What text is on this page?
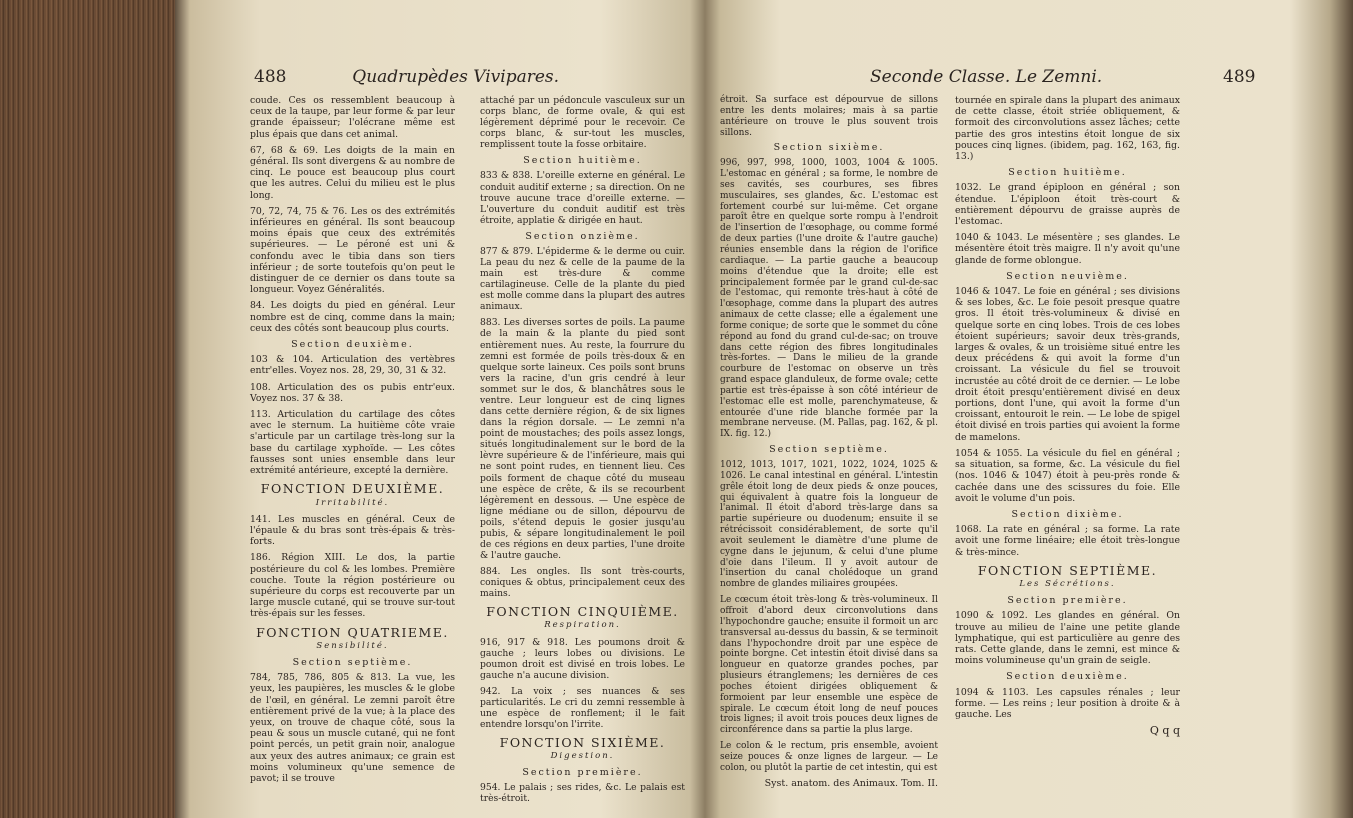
488	Quadrupèdes Vivipares.

coude. Ces os ressemblent beaucoup à ceux de la taupe, par leur forme & par leur grande épaisseur; l'olécrane même est plus épais que dans cet animal.

67, 68 & 69. Les doigts de la main en général. Ils sont divergens & au nombre de cinq. Le pouce est beaucoup plus court que les autres. Celui du milieu est le plus long.

70, 72, 74, 75 & 76. Les os des extrémités inférieures en général. Ils sont beaucoup moins épais que ceux des extrémités supérieures. — Le péroné est uni & confondu avec le tibia dans son tiers inférieur ; de sorte toutefois qu'on peut le distinguer de ce dernier os dans toute sa longueur. Voyez Généralités.

84. Les doigts du pied en général. Leur nombre est de cinq, comme dans la main; ceux des côtés sont beaucoup plus courts.

Section deuxième.

103 & 104. Articulation des vertèbres entr'elles. Voyez nos. 28, 29, 30, 31 & 32.

108. Articulation des os pubis entr'eux. Voyez nos. 37 & 38.

113. Articulation du cartilage des côtes avec le sternum. La huitième côte vraie s'articule par un cartilage très-long sur la base du cartilage xyphoïde. — Les côtes fausses sont unies ensemble dans leur extrémité antérieure, excepté la dernière.

FONCTION DEUXIÈME.
Irritabilité.

141. Les muscles en général. Ceux de l'épaule & du bras sont très-épais & très-forts.

186. Région XIII. Le dos, la partie postérieure du col & les lombes. Première couche. Toute la région postérieure ou supérieure du corps est recouverte par un large muscle cutané, qui se trouve sur-tout très-épais sur les fesses.

FONCTION QUATRIEME.
Sensibilité.
Section septième.

784, 785, 786, 805 & 813. La vue, les yeux, les paupières, les muscles & le globe de l'œil, en général. Le zemni paroît être entièrement privé de la vue; à la place des yeux, on trouve de chaque côté, sous la peau & sous un muscle cutané, qui ne font point percés, un petit grain noir, analogue aux yeux des autres animaux; ce grain est moins volumineux qu'une semence de pavot; il se trouve

attaché par un pédoncule vasculeux sur un corps blanc, de forme ovale, & qui est légèrement déprimé pour le recevoir. Ce corps blanc, & sur-tout les muscles, remplissent toute la fosse orbitaire.

Section huitième.

833 & 838. L'oreille externe en général. Le conduit auditif externe ; sa direction. On ne trouve aucune trace d'oreille externe. — L'ouverture du conduit auditif est très étroite, applatie & dirigée en haut.

Section onzième.

877 & 879. L'épiderme & le derme ou cuir. La peau du nez & celle de la paume de la main est très-dure & comme cartilagineuse. Celle de la plante du pied est molle comme dans la plupart des autres animaux.

883. Les diverses sortes de poils. La paume de la main & la plante du pied sont entièrement nues. Au reste, la fourrure du zemni est formée de poils très-doux & en quelque sorte laineux. Ces poils sont bruns vers la racine, d'un gris cendré à leur sommet sur le dos, & blanchâtres sous le ventre. Leur longueur est de cinq lignes dans cette dernière région, & de six lignes dans la région dorsale. — Le zemni n'a point de moustaches; des poils assez longs, situés longitudinalement sur le bord de la lèvre supérieure & de l'inférieure, mais qui ne sont point rudes, en tiennent lieu. Ces poils forment de chaque côté du museau une espèce de crête, & ils se recourbent légèrement en dessous. — Une espèce de ligne médiane ou de sillon, dépourvu de poils, s'étend depuis le gosier jusqu'au pubis, & sépare longitudinalement le poil de ces régions en deux parties, l'une droite & l'autre gauche.

884. Les ongles. Ils sont très-courts, coniques & obtus, principalement ceux des mains.

FONCTION CINQUIÈME.
Respiration.

916, 917 & 918. Les poumons droit & gauche ; leurs lobes ou divisions. Le poumon droit est divisé en trois lobes. Le gauche n'a aucune division.

942. La voix ; ses nuances & ses particularités. Le cri du zemni ressemble à une espèce de ronflement; il le fait entendre lorsqu'on l'irrite.

FONCTION SIXIÈME.
Digestion.
Section première.

954. Le palais ; ses rides, &c. Le palais est très-étroit.

Seconde Classe. Le Zemni.	489

étroit. Sa surface est dépourvue de sillons entre les dents molaires; mais à sa partie antérieure on trouve le plus souvent trois sillons.

Section sixième.

996, 997, 998, 1000, 1003, 1004 & 1005. L'estomac en général ; sa forme, le nombre de ses cavités, ses courbures, ses fibres musculaires, ses glandes, &c. L'estomac est fortement courbé sur lui-même. Cet organe paroît être en quelque sorte rompu à l'endroit de l'insertion de l'œsophage, ou comme formé de deux parties (l'une droite & l'autre gauche) réunies ensemble dans la région de l'orifice cardiaque. — La partie gauche a beaucoup moins d'étendue que la droite; elle est principalement formée par le grand cul-de-sac de l'estomac, qui remonte très-haut à côté de l'œsophage, comme dans la plupart des autres animaux de cette classe; elle a également une forme conique; de sorte que le sommet du cône répond au fond du grand cul-de-sac; on trouve dans cette région des fibres longitudinales très-fortes. — Dans le milieu de la grande courbure de l'estomac on observe un très grand espace glanduleux, de forme ovale; cette partie est très-épaisse à son côté intérieur de l'estomac elle est molle, parenchymateuse, & entourée d'une ride blanche formée par la membrane nerveuse. (M. Pallas, pag. 162, & pl. IX. fig. 12.)

Section septième.

1012, 1013, 1017, 1021, 1022, 1024, 1025 & 1026. Le canal intestinal en général. L'intestin grêle étoit long de deux pieds & onze pouces, qui équivalent à quatre fois la longueur de l'animal. Il étoit d'abord très-large dans sa partie supérieure ou duodenum; ensuite il se rétrécissoit considérablement, de sorte qu'il avoit seulement le diamètre d'une plume de cygne dans le jejunum, & celui d'une plume d'oie dans l'ileum. Il y avoit autour de l'insertion du canal cholédoque un grand nombre de glandes miliaires groupées.

Le cœcum étoit très-long & très-volumineux. Il offroit d'abord deux circonvolutions dans l'hypochondre gauche; ensuite il formoit un arc transversal au-dessus du bassin, & se terminoit dans l'hypochondre droit par une espèce de pointe borgne. Cet intestin étoit divisé dans sa longueur en quatorze grandes poches, par plusieurs étranglemens; les dernières de ces poches étoient dirigées obliquement & formoient par leur ensemble une espèce de spirale. Le cœcum étoit long de neuf pouces trois lignes; il avoit trois pouces deux lignes de circonférence dans sa partie la plus large.

Le colon & le rectum, pris ensemble, avoient seize pouces & onze lignes de largeur. — Le colon, ou plutôt la partie de cet intestin, qui est

Syst. anatom. des Animaux. Tom. II.

tournée en spirale dans la plupart des animaux de cette classe, étoit striée obliquement, & formoit des circonvolutions assez lâches; cette partie des gros intestins étoit longue de six pouces cinq lignes. (ibidem, pag. 162, 163, fig. 13.)

Section huitième.

1032. Le grand épiploon en général ; son étendue. L'épiploon étoit très-court & entièrement dépourvu de graisse auprès de l'estomac.

1040 & 1043. Le mésentère ; ses glandes. Le mésentère étoit très maigre. Il n'y avoit qu'une glande de forme oblongue.

Section neuvième.

1046 & 1047. Le foie en général ; ses divisions & ses lobes, &c. Le foie pesoit presque quatre gros. Il étoit très-volumineux & divisé en quelque sorte en cinq lobes. Trois de ces lobes étoient supérieurs; savoir deux très-grands, larges & ovales, & un troisième situé entre les deux précédens & qui avoit la forme d'un croissant. La vésicule du fiel se trouvoit incrustée au côté droit de ce dernier. — Le lobe droit étoit presqu'entièrement divisé en deux portions, dont l'une, qui avoit la forme d'un croissant, entouroit le rein. — Le lobe de spigel étoit divisé en trois parties qui avoient la forme de mamelons.

1054 & 1055. La vésicule du fiel en général ; sa situation, sa forme, &c. La vésicule du fiel (nos. 1046 & 1047) étoit à peu-près ronde & cachée dans une des scissures du foie. Elle avoit le volume d'un pois.

Section dixième.

1068. La rate en général ; sa forme. La rate avoit une forme linéaire; elle étoit très-longue & très-mince.

FONCTION SEPTIÈME.
Les Sécrétions.
Section première.

1090 & 1092. Les glandes en général. On trouve au milieu de l'aine une petite glande lymphatique, qui est particulière au genre des rats. Cette glande, dans le zemni, est mince & moins volumineuse qu'un grain de seigle.

Section deuxième.

1094 & 1103. Les capsules rénales ; leur forme. — Les reins ; leur position à droite & à gauche. Les

Q q q
